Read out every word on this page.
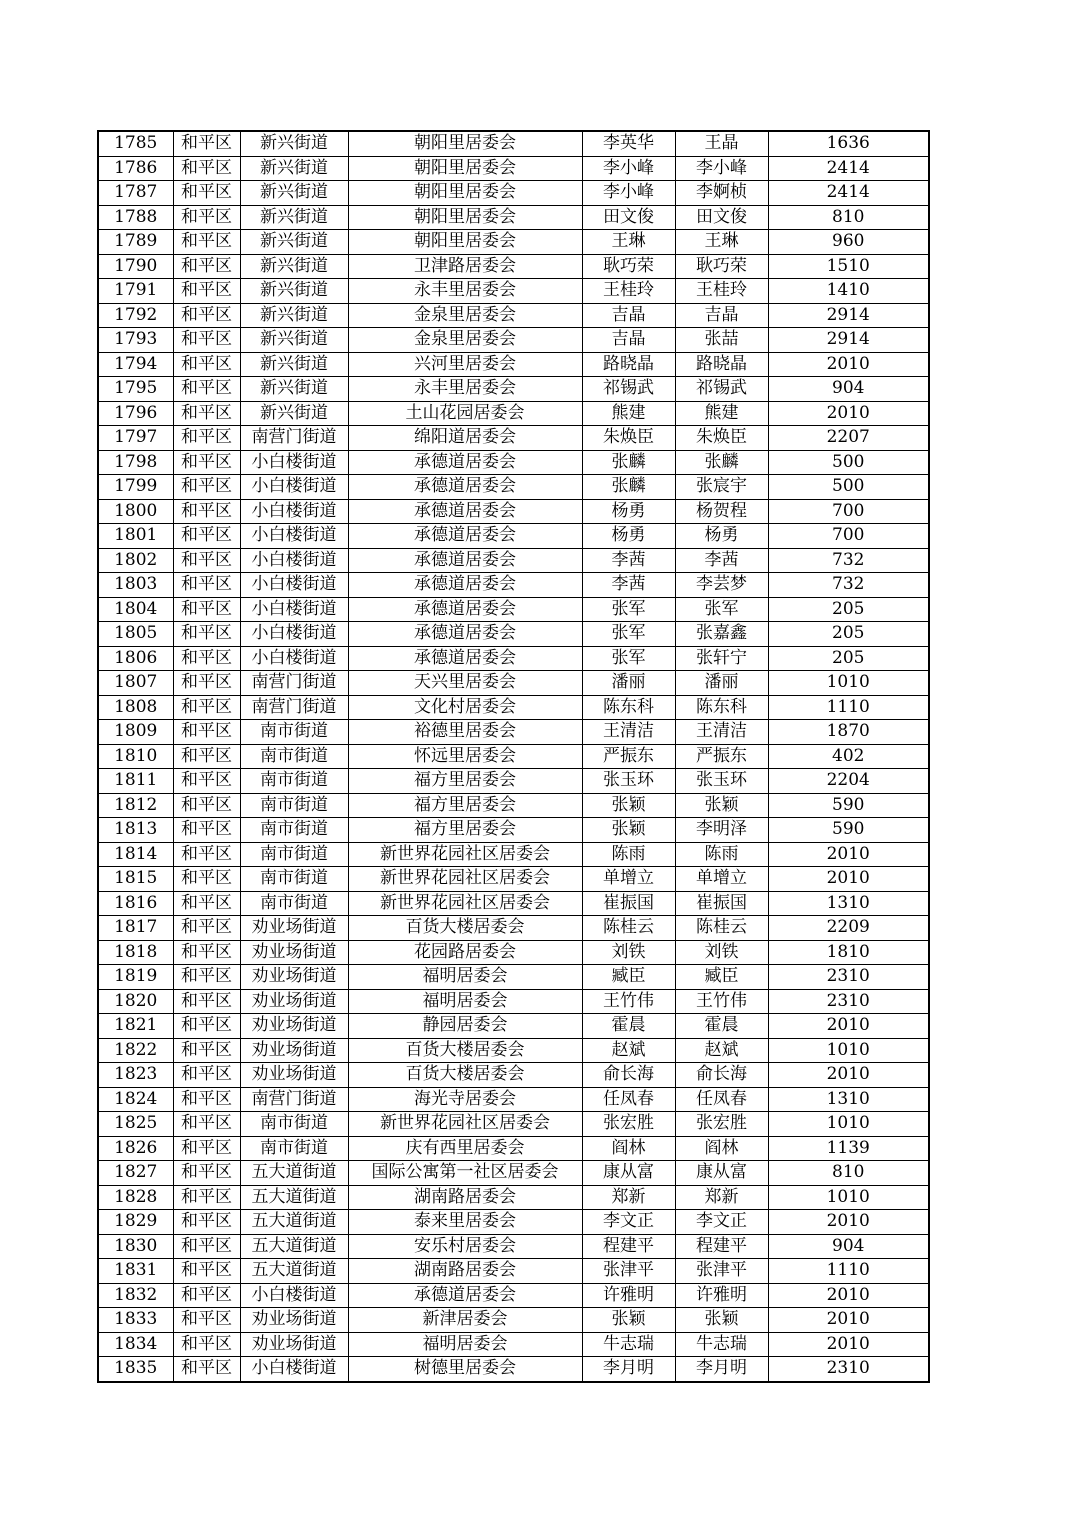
1785	和平区	新兴街道	朝阳里居委会	李英华	王晶	1636
1786	和平区	新兴街道	朝阳里居委会	李小峰	李小峰	2414
1787	和平区	新兴街道	朝阳里居委会	李小峰	李婀桢	2414
1788	和平区	新兴街道	朝阳里居委会	田文俊	田文俊	810
1789	和平区	新兴街道	朝阳里居委会	王琳	王琳	960
1790	和平区	新兴街道	卫津路居委会	耿巧荣	耿巧荣	1510
1791	和平区	新兴街道	永丰里居委会	王桂玲	王桂玲	1410
1792	和平区	新兴街道	金泉里居委会	吉晶	吉晶	2914
1793	和平区	新兴街道	金泉里居委会	吉晶	张喆	2914
1794	和平区	新兴街道	兴河里居委会	路晓晶	路晓晶	2010
1795	和平区	新兴街道	永丰里居委会	祁锡武	祁锡武	904
1796	和平区	新兴街道	土山花园居委会	熊建	熊建	2010
1797	和平区	南营门街道	绵阳道居委会	朱焕臣	朱焕臣	2207
1798	和平区	小白楼街道	承德道居委会	张麟	张麟	500
1799	和平区	小白楼街道	承德道居委会	张麟	张宸宇	500
1800	和平区	小白楼街道	承德道居委会	杨勇	杨贺程	700
1801	和平区	小白楼街道	承德道居委会	杨勇	杨勇	700
1802	和平区	小白楼街道	承德道居委会	李茜	李茜	732
1803	和平区	小白楼街道	承德道居委会	李茜	李芸梦	732
1804	和平区	小白楼街道	承德道居委会	张军	张军	205
1805	和平区	小白楼街道	承德道居委会	张军	张嘉鑫	205
1806	和平区	小白楼街道	承德道居委会	张军	张轩宁	205
1807	和平区	南营门街道	天兴里居委会	潘丽	潘丽	1010
1808	和平区	南营门街道	文化村居委会	陈东科	陈东科	1110
1809	和平区	南市街道	裕德里居委会	王清洁	王清洁	1870
1810	和平区	南市街道	怀远里居委会	严振东	严振东	402
1811	和平区	南市街道	福方里居委会	张玉环	张玉环	2204
1812	和平区	南市街道	福方里居委会	张颖	张颖	590
1813	和平区	南市街道	福方里居委会	张颖	李明泽	590
1814	和平区	南市街道	新世界花园社区居委会	陈雨	陈雨	2010
1815	和平区	南市街道	新世界花园社区居委会	单增立	单增立	2010
1816	和平区	南市街道	新世界花园社区居委会	崔振国	崔振国	1310
1817	和平区	劝业场街道	百货大楼居委会	陈桂云	陈桂云	2209
1818	和平区	劝业场街道	花园路居委会	刘铁	刘铁	1810
1819	和平区	劝业场街道	福明居委会	臧臣	臧臣	2310
1820	和平区	劝业场街道	福明居委会	王竹伟	王竹伟	2310
1821	和平区	劝业场街道	静园居委会	霍晨	霍晨	2010
1822	和平区	劝业场街道	百货大楼居委会	赵斌	赵斌	1010
1823	和平区	劝业场街道	百货大楼居委会	俞长海	俞长海	2010
1824	和平区	南营门街道	海光寺居委会	任凤春	任凤春	1310
1825	和平区	南市街道	新世界花园社区居委会	张宏胜	张宏胜	1010
1826	和平区	南市街道	庆有西里居委会	阎林	阎林	1139
1827	和平区	五大道街道	国际公寓第一社区居委会	康从富	康从富	810
1828	和平区	五大道街道	湖南路居委会	郑新	郑新	1010
1829	和平区	五大道街道	泰来里居委会	李文正	李文正	2010
1830	和平区	五大道街道	安乐村居委会	程建平	程建平	904
1831	和平区	五大道街道	湖南路居委会	张津平	张津平	1110
1832	和平区	小白楼街道	承德道居委会	许雅明	许雅明	2010
1833	和平区	劝业场街道	新津居委会	张颖	张颖	2010
1834	和平区	劝业场街道	福明居委会	牛志瑞	牛志瑞	2010
1835	和平区	小白楼街道	树德里居委会	李月明	李月明	2310
